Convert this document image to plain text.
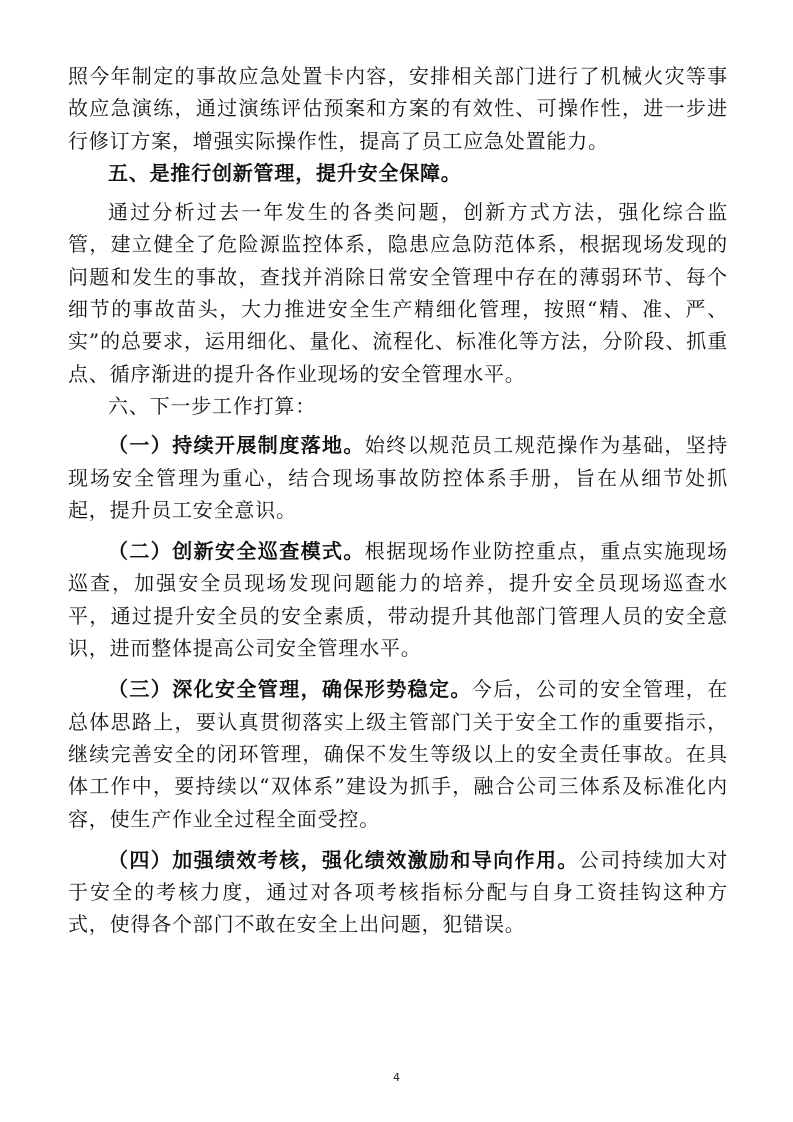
照今年制定的事故应急处置卡内容，安排相关部门进行了机械火灾等事故应急演练，通过演练评估预案和方案的有效性、可操作性，进一步进行修订方案，增强实际操作性，提高了员工应急处置能力。

五、是推行创新管理，提升安全保障。

通过分析过去一年发生的各类问题，创新方式方法，强化综合监管，建立健全了危险源监控体系，隐患应急防范体系，根据现场发现的问题和发生的事故，查找并消除日常安全管理中存在的薄弱环节、每个细节的事故苗头，大力推进安全生产精细化管理，按照“精、准、严、实”的总要求，运用细化、量化、流程化、标准化等方法，分阶段、抓重点、循序渐进的提升各作业现场的安全管理水平。

六、下一步工作打算：

（一）持续开展制度落地。始终以规范员工规范操作为基础，坚持现场安全管理为重心，结合现场事故防控体系手册，旨在从细节处抓起，提升员工安全意识。

（二）创新安全巡查模式。根据现场作业防控重点，重点实施现场巡查，加强安全员现场发现问题能力的培养，提升安全员现场巡查水平，通过提升安全员的安全素质，带动提升其他部门管理人员的安全意识，进而整体提高公司安全管理水平。

（三）深化安全管理，确保形势稳定。今后，公司的安全管理，在总体思路上，要认真贯彻落实上级主管部门关于安全工作的重要指示，继续完善安全的闭环管理，确保不发生等级以上的安全责任事故。在具体工作中，要持续以“双体系”建设为抓手，融合公司三体系及标准化内容，使生产作业全过程全面受控。

（四）加强绩效考核，强化绩效激励和导向作用。公司持续加大对于安全的考核力度，通过对各项考核指标分配与自身工资挂钩这种方式，使得各个部门不敢在安全上出问题，犯错误。

4
